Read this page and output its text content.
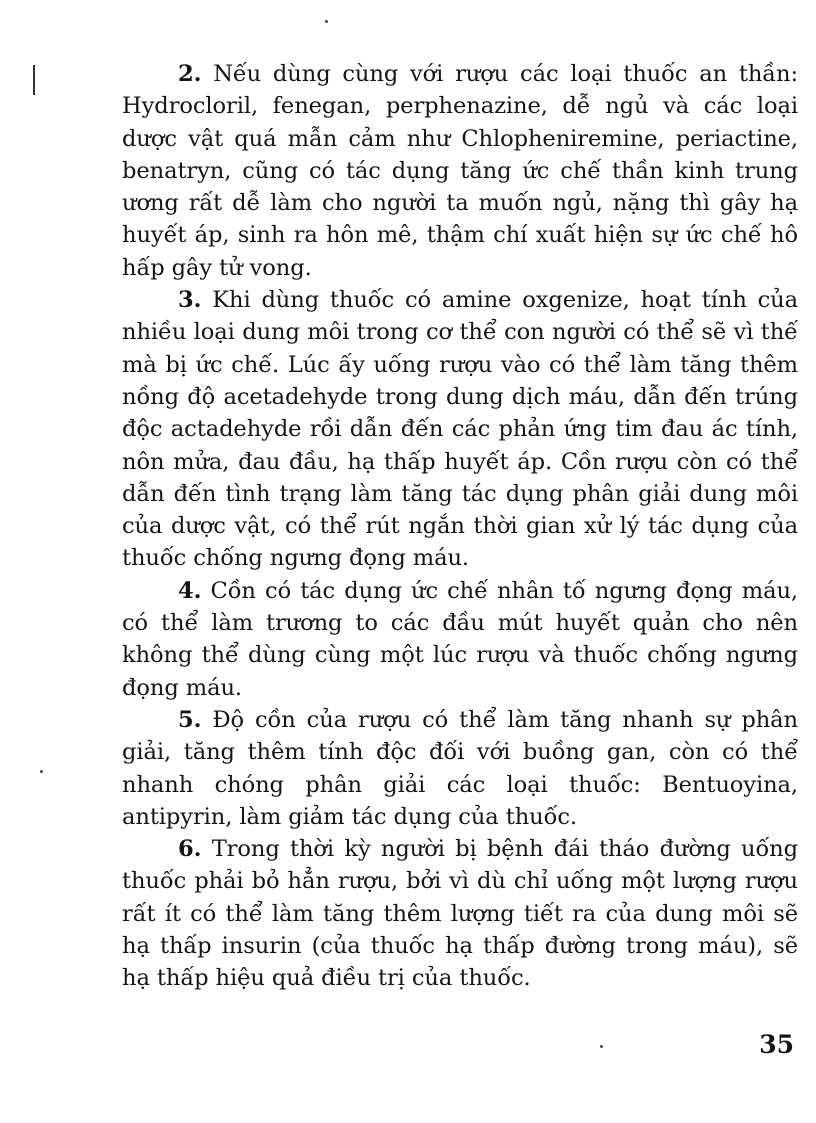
2. Nếu dùng cùng với rượu các loại thuốc an thần: Hydrocloril, fenegan, perphenazine, dễ ngủ và các loại dược vật quá mẫn cảm như Chlopheniremine, periactine, benatryn, cũng có tác dụng tăng ức chế thần kinh trung ương rất dễ làm cho người ta muốn ngủ, nặng thì gây hạ huyết áp, sinh ra hôn mê, thậm chí xuất hiện sự ức chế hô hấp gây tử vong.

3. Khi dùng thuốc có amine oxgenize, hoạt tính của nhiều loại dung môi trong cơ thể con người có thể sẽ vì thế mà bị ức chế. Lúc ấy uống rượu vào có thể làm tăng thêm nồng độ acetadehyde trong dung dịch máu, dẫn đến trúng độc actadehyde rồi dẫn đến các phản ứng tim đau ác tính, nôn mửa, đau đầu, hạ thấp huyết áp. Cồn rượu còn có thể dẫn đến tình trạng làm tăng tác dụng phân giải dung môi của dược vật, có thể rút ngắn thời gian xử lý tác dụng của thuốc chống ngưng đọng máu.

4. Cồn có tác dụng ức chế nhân tố ngưng đọng máu, có thể làm trương to các đầu mút huyết quản cho nên không thể dùng cùng một lúc rượu và thuốc chống ngưng đọng máu.

5. Độ cồn của rượu có thể làm tăng nhanh sự phân giải, tăng thêm tính độc đối với buồng gan, còn có thể nhanh chóng phân giải các loại thuốc: Bentuoyina, antipyrin, làm giảm tác dụng của thuốc.

6. Trong thời kỳ người bị bệnh đái tháo đường uống thuốc phải bỏ hẳn rượu, bởi vì dù chỉ uống một lượng rượu rất ít có thể làm tăng thêm lượng tiết ra của dung môi sẽ hạ thấp insurin (của thuốc hạ thấp đường trong máu), sẽ hạ thấp hiệu quả điều trị của thuốc.

35
